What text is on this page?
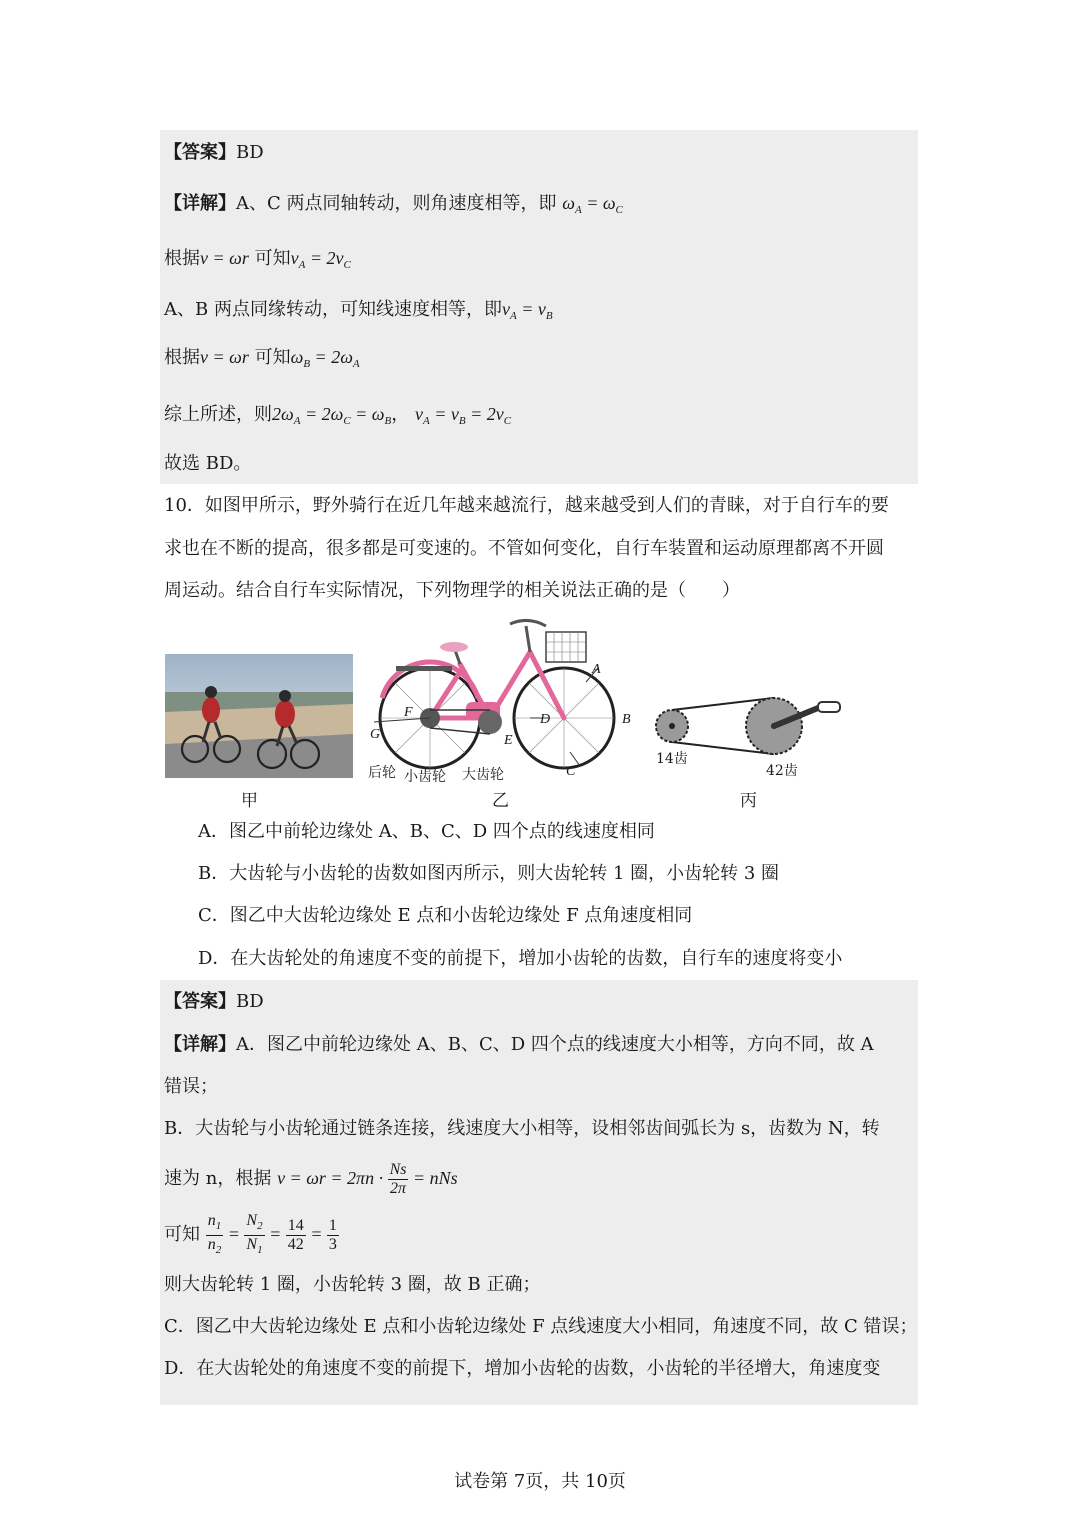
【答案】BD
【详解】A、C 两点同轴转动，则角速度相等，即 $\omega_A = \omega_C$
根据v = ωr 可知$v_A = 2v_C$
A、B 两点同缘转动，可知线速度相等，即$v_A = v_B$
根据v = ωr 可知$\omega_B = 2\omega_A$
综上所述，则$2\omega_A = 2\omega_C = \omega_B$， $v_A = v_B = 2v_C$
故选 BD。
10．如图甲所示，野外骑行在近几年越来越流行，越来越受到人们的青睐，对于自行车的要
求也在不断的提高，很多都是可变速的。不管如何变化，自行车装置和运动原理都离不开圆
周运动。结合自行车实际情况，下列物理学的相关说法正确的是（　　）
甲
A
B
C
D
E
F
G
后轮 小齿轮 大齿轮
乙
14齿
42齿
丙
A．图乙中前轮边缘处 A、B、C、D 四个点的线速度相同
B．大齿轮与小齿轮的齿数如图丙所示，则大齿轮转 1 圈，小齿轮转 3 圈
C．图乙中大齿轮边缘处 E 点和小齿轮边缘处 F 点角速度相同
D．在大齿轮处的角速度不变的前提下，增加小齿轮的齿数，自行车的速度将变小
【答案】BD
【详解】A．图乙中前轮边缘处 A、B、C、D 四个点的线速度大小相等，方向不同，故 A
错误；
B．大齿轮与小齿轮通过链条连接，线速度大小相等，设相邻齿间弧长为 s，齿数为 N，转
速为 n，根据 $v = \omega r = 2\pi n \cdot \frac{Ns}{2\pi}$ = nNs
可知 $\frac{n_1}{n_2} = \frac{N_2}{N_1} = \frac{14}{42} = \frac{1}{3}$
则大齿轮转 1 圈，小齿轮转 3 圈，故 B 正确；
C．图乙中大齿轮边缘处 E 点和小齿轮边缘处 F 点线速度大小相同，角速度不同，故 C 错误；
D．在大齿轮处的角速度不变的前提下，增加小齿轮的齿数，小齿轮的半径增大，角速度变
试卷第 7页，共 10页
